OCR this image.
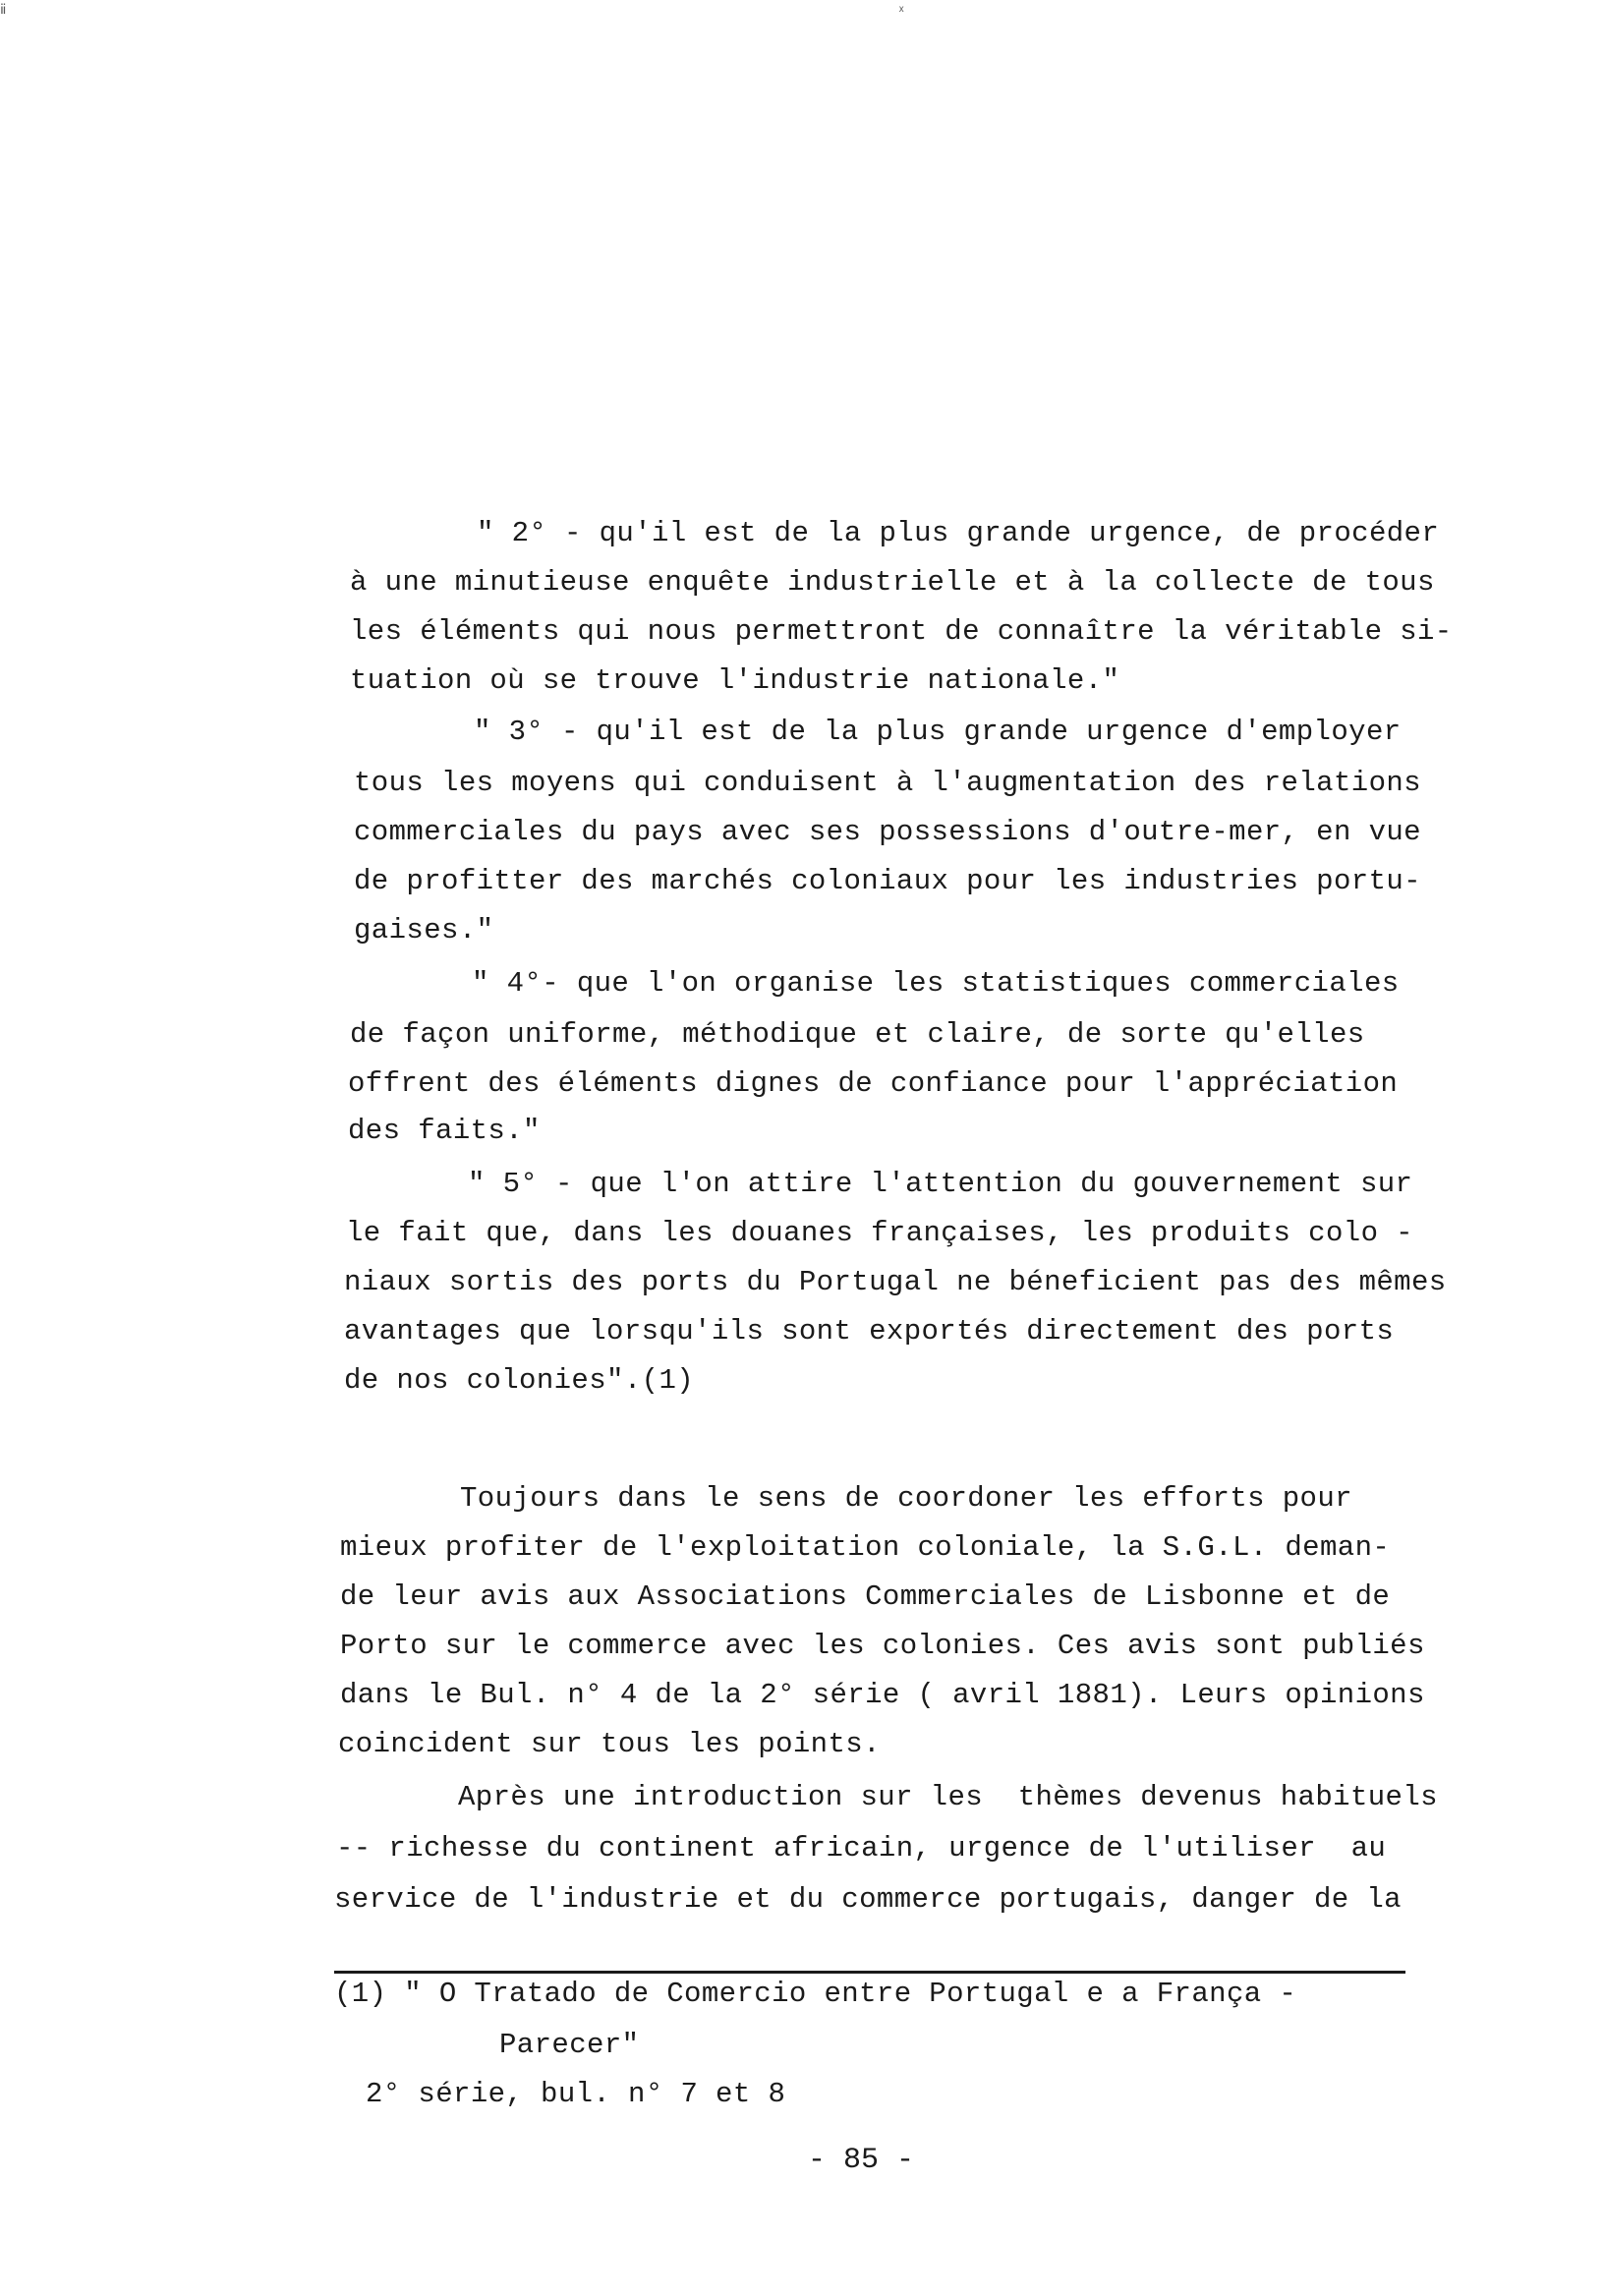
ⅱ	ₓ
" 2° - qu'il est de la plus grande urgence, de procéder
à une minutieuse enquête industrielle et à la collecte de tous
les éléments qui nous permettront de connaître la véritable si-
tuation où se trouve l'industrie nationale."
" 3° - qu'il est de la plus grande urgence d'employer
tous les moyens qui conduisent à l'augmentation des relations
commerciales du pays avec ses possessions d'outre-mer, en vue
de profitter des marchés coloniaux pour les industries portu-
gaises."
" 4°- que l'on organise les statistiques commerciales
de façon uniforme, méthodique et claire, de sorte qu'elles
offrent des éléments dignes de confiance pour l'appréciation
des faits."
" 5° - que l'on attire l'attention du gouvernement sur
le fait que, dans les douanes françaises, les produits colo -
niaux sortis des ports du Portugal ne béneficient pas des mêmes
avantages que lorsqu'ils sont exportés directement des ports
de nos colonies".(1)
Toujours dans le sens de coordoner les efforts pour
mieux profiter de l'exploitation coloniale, la S.G.L. deman-
de leur avis aux Associations Commerciales de Lisbonne et de
Porto sur le commerce avec les colonies. Ces avis sont publiés
dans le Bul. n° 4 de la 2° série ( avril 1881). Leurs opinions
coincident sur tous les points.
Après une introduction sur les  thèmes devenus habituels
-- richesse du continent africain, urgence de l'utiliser  au
service de l'industrie et du commerce portugais, danger de la
(1) " O Tratado de Comercio entre Portugal e a França -
Parecer"
2° série, bul. n° 7 et 8
- 85 -
